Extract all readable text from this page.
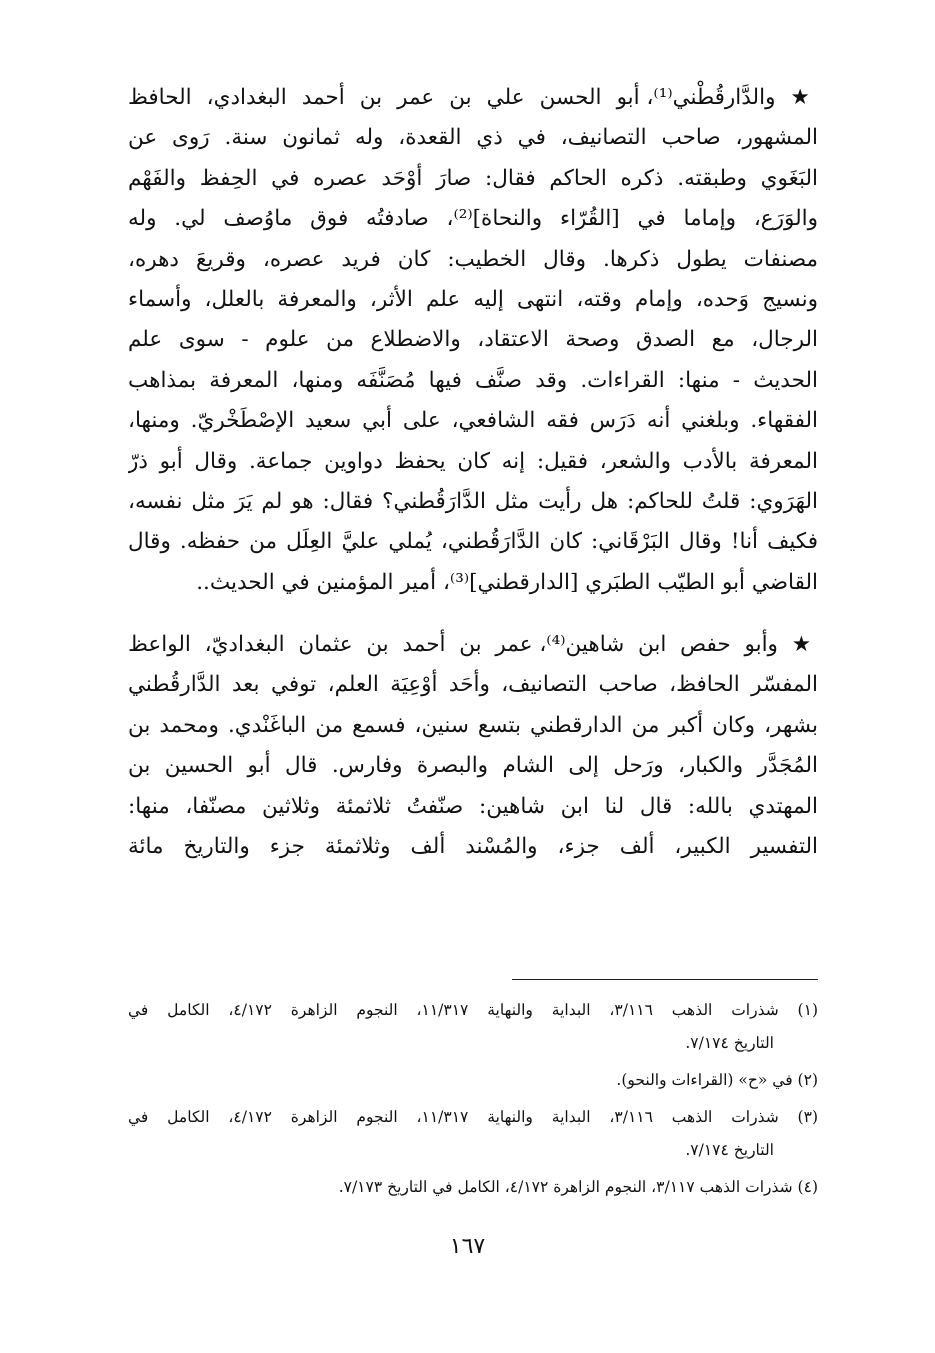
★ والدَّارقُطْني⁽¹⁾، أبو الحسن علي بن عمر بن أحمد البغدادي، الحافظ
المشهور، صاحب التصانيف، في ذي القعدة، وله ثمانون سنة. رَوى عن
البَغَوي وطبقته. ذكره الحاكم فقال: صارَ أوْحَد عصره في الحِفظ والفَهْم
والوَرَع، وإماما في [القُرّاء والنحاة]⁽²⁾، صادفتُه فوق ماوُصف لي. وله
مصنفات يطول ذكرها. وقال الخطيب: كان فريد عصره، وقريعَ دهره،
ونسيج وَحده، وإمام وقته، انتهى إليه علم الأثر، والمعرفة بالعلل، وأسماء
الرجال، مع الصدق وصحة الاعتقاد، والاضطلاع من علوم - سوى علم
الحديث - منها: القراءات. وقد صنَّف فيها مُصَنَّفَه ومنها، المعرفة بمذاهب
الفقهاء. وبلغني أنه دَرَس فقه الشافعي، على أبي سعيد الإصْطَخْريّ. ومنها،
المعرفة بالأدب والشعر، فقيل: إنه كان يحفظ دواوين جماعة. وقال أبو ذرّ
الهَرَوي: قلتُ للحاكم: هل رأيت مثل الدَّارَقُطني؟ فقال: هو لم يَرَ مثل نفسه،
فكيف أنا! وقال البَرْقَاني: كان الدَّارَقُطني، يُملي عليَّ العِلَل من حفظه. وقال
القاضي أبو الطيّب الطبَري [الدارقطني]⁽³⁾، أمير المؤمنين في الحديث..
★ وأبو حفص ابن شاهين⁽⁴⁾، عمر بن أحمد بن عثمان البغداديّ، الواعظ
المفسّر الحافظ، صاحب التصانيف، وأحَد أوْعِيَة العلم، توفي بعد الدَّارقُطني
بشهر، وكان أكبر من الدارقطني بتسع سنين، فسمع من الباغَنْدي. ومحمد بن
المُجَدَّر والكبار، ورَحل إلى الشام والبصرة وفارس. قال أبو الحسين بن
المهتدي بالله: قال لنا ابن شاهين: صنّفتُ ثلاثمئة وثلاثين مصنّفا، منها:
التفسير الكبير، ألف جزء، والمُسْند ألف وثلاثمئة جزء والتاريخ مائة
(١) شذرات الذهب ٣/١١٦، البداية والنهاية ١١/٣١٧، النجوم الزاهرة ٤/١٧٢، الكامل في
التاريخ ٧/١٧٤.
(٢) في «ح» (القراءات والنحو).
(٣) شذرات الذهب ٣/١١٦، البداية والنهاية ١١/٣١٧، النجوم الزاهرة ٤/١٧٢، الكامل في
التاريخ ٧/١٧٤.
(٤) شذرات الذهب ٣/١١٧، النجوم الزاهرة ٤/١٧٢، الكامل في التاريخ ٧/١٧٣.
١٦٧
